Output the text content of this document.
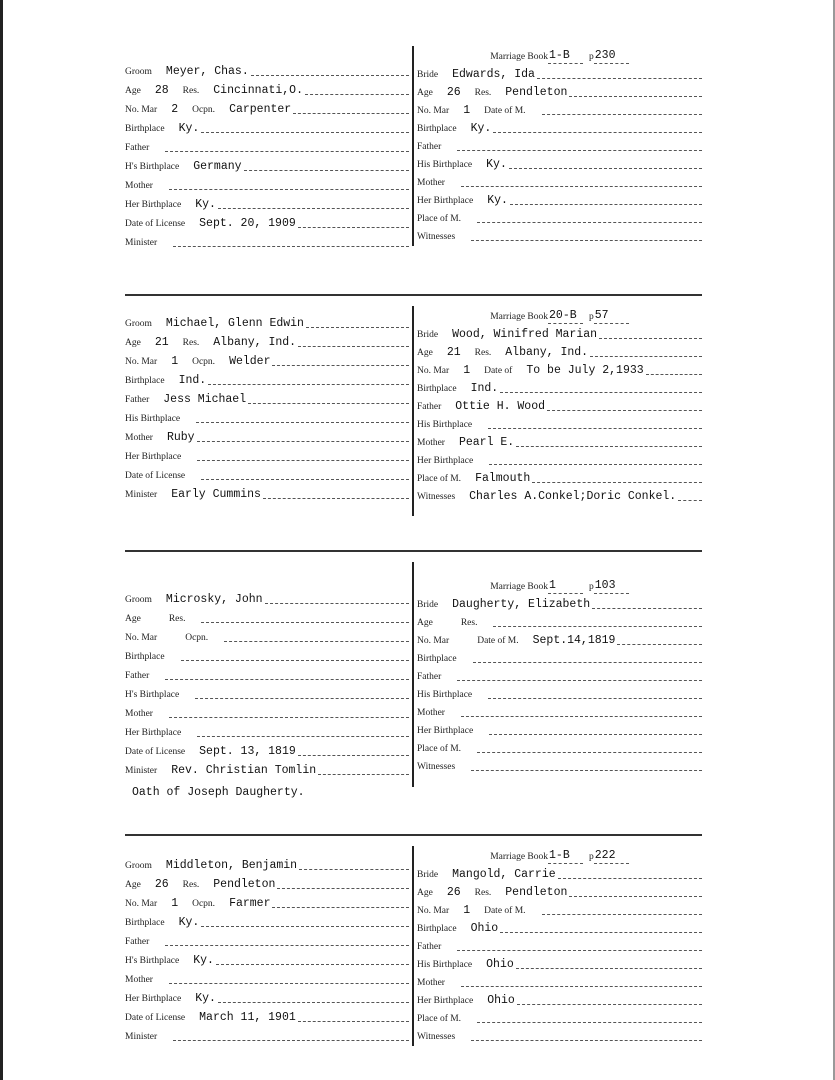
Groom	Meyer, Chas.
Age	28	Res.	Cincinnati,O.
No. Mar	2	Ocpn.	Carpenter
Birthplace	Ky.
Father
H's Birthplace	Germany
Mother
Her Birthplace	Ky.
Date of License	Sept. 20, 1909
Minister
Marriage Book 1-B	p 230
Bride	Edwards, Ida
Age	26	Res.	Pendleton
No. Mar	1	Date of M.
Birthplace	Ky.
Father
His Birthplace	Ky.
Mother
Her Birthplace	Ky.
Place of M.
Witnesses
Groom	Michael, Glenn Edwin
Age	21	Res.	Albany, Ind.
No. Mar	1	Ocpn.	Welder
Birthplace	Ind.
Father	Jess Michael
His Birthplace
Mother	Ruby
Her Birthplace
Date of License
Minister	Early Cummins
Marriage Book 20-B	p 57
Bride	Wood, Winifred Marian
Age	21	Res.	Albany, Ind.
No. Mar	1	Date of	To be July 2,1933
Birthplace	Ind.
Father	Ottie H. Wood
His Birthplace
Mother	Pearl E.
Her Birthplace
Place of M.	Falmouth
Witnesses	Charles A.Conkel;Doric Conkel.
Groom	Microsky, John
Age	Res.
No. Mar	Ocpn.
Birthplace
Father
H's Birthplace
Mother
Her Birthplace
Date of License	Sept. 13, 1819
Minister	Rev. Christian Tomlin
Marriage Book 1	p 103
Bride	Daugherty, Elizabeth
Age	Res.
No. Mar	Date of M.	Sept.14,1819
Birthplace
Father
His Birthplace
Mother
Her Birthplace
Place of M.
Witnesses
Oath of Joseph Daugherty.
Groom	Middleton, Benjamin
Age	26	Res.	Pendleton
No. Mar	1	Ocpn.	Farmer
Birthplace	Ky.
Father
H's Birthplace	Ky.
Mother
Her Birthplace	Ky.
Date of License	March 11, 1901
Minister
Marriage Book 1-B	p 222
Bride	Mangold, Carrie
Age	26	Res.	Pendleton
No. Mar	1	Date of M.
Birthplace	Ohio
Father
His Birthplace	Ohio
Mother
Her Birthplace	Ohio
Place of M.
Witnesses
